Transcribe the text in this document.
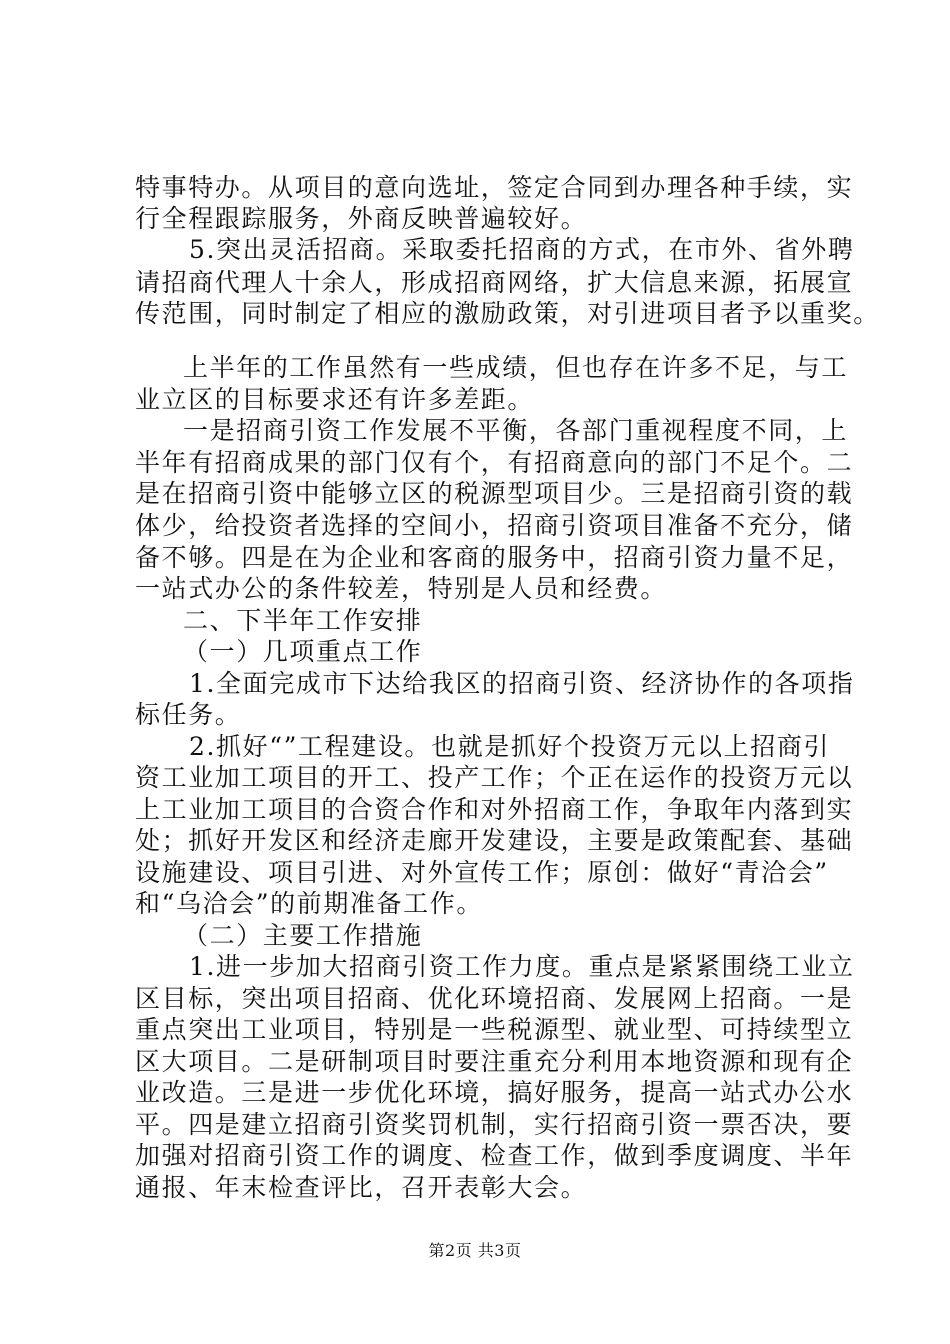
特事特办。从项目的意向选址，签定合同到办理各种手续，实
行全程跟踪服务，外商反映普遍较好。
5.突出灵活招商。采取委托招商的方式，在市外、省外聘
请招商代理人十余人，形成招商网络，扩大信息来源，拓展宣
传范围，同时制定了相应的激励政策，对引进项目者予以重奖。
上半年的工作虽然有一些成绩，但也存在许多不足，与工
业立区的目标要求还有许多差距。
一是招商引资工作发展不平衡，各部门重视程度不同，上
半年有招商成果的部门仅有个，有招商意向的部门不足个。二
是在招商引资中能够立区的税源型项目少。三是招商引资的载
体少，给投资者选择的空间小，招商引资项目准备不充分，储
备不够。四是在为企业和客商的服务中，招商引资力量不足，
一站式办公的条件较差，特别是人员和经费。
二、下半年工作安排
（一）几项重点工作
1.全面完成市下达给我区的招商引资、经济协作的各项指
标任务。
2.抓好“”工程建设。也就是抓好个投资万元以上招商引
资工业加工项目的开工、投产工作；个正在运作的投资万元以
上工业加工项目的合资合作和对外招商工作，争取年内落到实
处；抓好开发区和经济走廊开发建设，主要是政策配套、基础
设施建设、项目引进、对外宣传工作；原创：做好“青洽会”
和“乌洽会”的前期准备工作。
（二）主要工作措施
1.进一步加大招商引资工作力度。重点是紧紧围绕工业立
区目标，突出项目招商、优化环境招商、发展网上招商。一是
重点突出工业项目，特别是一些税源型、就业型、可持续型立
区大项目。二是研制项目时要注重充分利用本地资源和现有企
业改造。三是进一步优化环境，搞好服务，提高一站式办公水
平。四是建立招商引资奖罚机制，实行招商引资一票否决，要
加强对招商引资工作的调度、检查工作，做到季度调度、半年
通报、年末检查评比，召开表彰大会。
第2页 共3页
